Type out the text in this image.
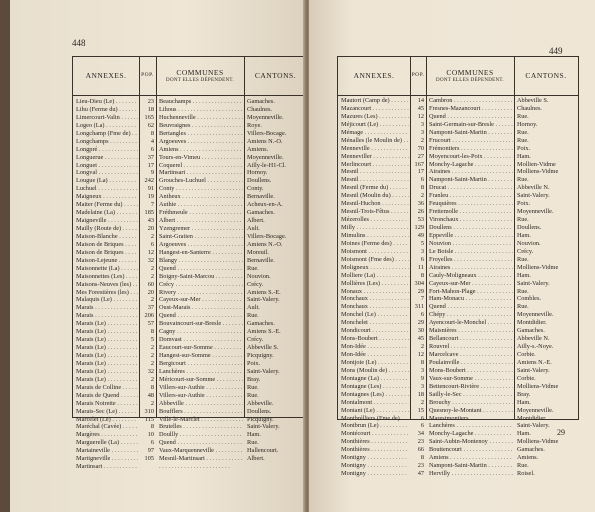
448
ANNEXES.	POP.	COMMUNES
DONT ELLES DÉPENDENT.	CANTONS.
Lieu-Dieu (Le) . . .	23 Beauchamps . . .	Gamaches.
Lihu (Ferme du) . . .	18 Lihous . . .	Chaulnes.
Limercourt-Valin . . .	165 Huchenneville . . .	Moyenneville.
Logeo (La) . . .	62 Beuvraignes . . .	Roye.
Longchamp (Fme de) . . .	8 Bertangles . . .	Villers-Bocage.
Longchamps . . .	4 Argoeuves . . .	Amiens N.-O.
Longpré . . .	6 Amiens . . .	Amiens.
Longuerue . . .	37 Tours-en-Vimeu . . .	Moyenneville.
Longuet . . .	17 Coquerel . . .	Ailly-le-H1-Cl.
Longval . . .	9 Martinsart . . .	Hornoy.
Lougue (La) . . .	242 Grouches-Luchuel . . .	Doullens.
Luchuel . . .	91 Conty . . .	Conty.
Maigneux . . .	19 Antheux . . .	Bernaville.
Maiter (Ferme du) . . .	7 Authie . . .	Acheux-en-A.
Madelaine (La) . . .	185 Fréthmeule . . .	Gamaches.
Maigneville . . .	43 Albert . . .	Albert.
Mailly (Route de) . . .	20 Yzengremer . . .	Ault.
Maison-Blanche . . .	2 Saint-Gratien . . .	Villers-Bocage.
Maison de Briques . . .	6 Argoeuves . . .	Amiens N.-O.
Maison de Briques . . .	12 Hangest-en-Santerre . . .	Moreuil.
Maison-Lejeune . . .	32 Blangy . . .	Bernaville.
Maisonnette (La) . . .	2 Quend . . .	Rue.
Maisonnettes (Les) . . .	2 Boigny-Saint-Marcou . . .	Nouvion.
Maisons-Neuves (les) . . .	60 Crécy . . .	Crécy.
Mes Forestières (les) . . .	20 Rivery . . .	Amiens S.-E.
Malaquis (Le) . . .	2 Cayeux-sur-Mer . . .	Saint-Valery.
Marais . . .	37 Oust-Marais . . .	Ault.
Marais . . .	206 Quend . . .	Rue.
Marais (Le) . . .	57 Bouvaincourt-sur-Bresle . . .	Gamaches.
Marais (Le) . . .	8 Cagny . . .	Amiens S.-E.
Marais (Le) . . .	5 Domvast . . .	Crécy.
Marais (Le) . . .	2 Eaucourt-sur-Somme . . .	Abbeville S.
Marais (Le) . . .	2 Hangest-sur-Somme . . .	Picquigny.
Marais (Le) . . .	2 Bergicourt . . .	Poix.
Marais (Le) . . .	32 Lanchères . . .	Saint-Valery.
Marais (Le) . . .	2 Méricourt-sur-Somme . . .	Bray.
Marais de Colline . . .	8 Villers-sur-Authie . . .	Rue.
Marais de Quend . . .	48 Villers-sur-Authie . . .	Rue.
Marais Noirette . . .	2 Abbeville . . .	Abbeville.
Marais-Sec (Le) . . .	310 Boufflers . . .	Doullens.
Marcelet (Le) . . .	115 Ville-le-Marclet . . .	Picquigny.
Maréchal (Cavée) . . .	8 Brutelles . . .	Saint-Valery.
Margères . . .	10 Doullly . . .	Ham.
Marguerelle (La) . . .	6 Quend . . .	Rue.
Martaineville . . .	97 Vaux-Marquenneville . . .	Hallencourt.
Martigneville . . .	105 Mesnil-Martinsart . . .	Albert.
Martinsart . . .
. . .
449
ANNEXES.	POP.	COMMUNES
DONT ELLES DÉPENDENT.	CANTONS.
Mautort (Camp de) . . .	14 Cambron . . .	Abbeville S.
Mazancourt . . .	45 Fresnes-Mazancourt . . .	Chaulnes.
Mazures (Les) . . .	12 Quend . . .	Rue.
Méjicourt (Le) . . .	3 Saint-Germain-sur-Bresle . . .	Hornoy.
Mémage . . .	3 Nampont-Saint-Martin . . .	Rue.
Ménalles (le Moulin de) . . .	2 Frucourt . . .	Rue.
Menneville . . .	70 Frémontiers . . .	Poix.
Menneviller . . .	27 Moyencourt-les-Poix . . .	Ham.
Merlincourt . . .	167 Monchy-Lagache . . .	Mollien-Vidme
Mesnil . . .	17 Airaines . . .	Molliens-Vidme
Mesnil . . .	6 Nampont-Saint-Martin . . .	Rue.
Mesnil (Ferme du) . . .	8 Drucat . . .	Abbeville N.
Mesnil (Moulin du) . . .	2 Franleu . . .	Saint-Valery.
Mesnil-Huchon . . .	36 Feuquières . . .	Poix.
Mesnil-Trois-Fêtus . . .	26 Frettemolle . . .	Moyenneville.
Mézerolles . . .	53 Vironchaux . . .	Rue.
Milly . . .	129 Doullens . . .	Doullens.
Mimulins . . .	49 Eppeville . . .	Ham.
Moines (Ferme des) . . .	5 Nouvion . . .	Nouvion.
Moismont . . .	3 Le Boisle . . .	Crécy.
Moismont (Fme des) . . .	6 Froyelles . . .	Rue.
Moligneux . . .	11 Airaines . . .	Molliens-Vidme
Molliere (La) . . .	8 Cauly-Moligneaux . . .	Ham.
Mollières (Les) . . .	304 Cayeux-sur-Mer . . .	Saint-Valery.
Monaux . . .	29 Fort-Mahon-Plage . . .	Rue.
Monchaux . . .	7 Ham-Monacu . . .	Combles.
Monchaux . . .	311 Quend . . .	Rue.
Monchel (Le) . . .	6 Chépy . . .	Moyenneville.
Monchelet . . .	29 Ayencourt-le-Monchel . . .	Montdidier.
Mondicourt . . .	30 Maisnières . . .	Gamaches.
Mons-Boubert . . .	45 Bellancourt . . .	Abbeville N.
Mon-Idée . . .	2 Rouvrel . . .	Ailly-s.-Noye.
Mon-Idée . . .	12 Marcelcave . . .	Corbie.
Montjoie (Le) . . .	8 Poulainville . . .	Amiens N.-E.
Mons (Moulin de) . . .	3 Mons-Boubert . . .	Saint-Valery.
Montagne (La) . . .	9 Vaux-sur-Somme . . .	Corbie.
Montagne (Les) . . .	3 Bettencourt-Rivière . . .	Molliens-Vidme
Montagnes (Les) . . .	18 Sailly-le-Sec . . .	Bray.
Montalmont . . .	2 Brouchy . . .	Ham.
Montant (Le) . . .	15 Quesnoy-le-Montant . . .	Moyenneville.
Montbrélliers (Fme de) . . .	6 Marestmontiers . . .	Montdidier.
Montbrun (Le) . . .	6 Lanchères . . .	Saint-Valery.
Montécourt . . .	34 Monchy-Lagache . . .	Ham.
Monthières . . .	23 Saint-Aubin-Montenoy . . .	Molliens-Vidme
Monthières . . .	66 Bouttencourt . . .	Gamaches.
Montigny . . .	8 Amiens . . .	Amiens.
Montigny . . .	23 Nampont-Saint-Martin . . .	Rue.
Montigny . . .	47 Hervilly . . .	Roisel.
29
